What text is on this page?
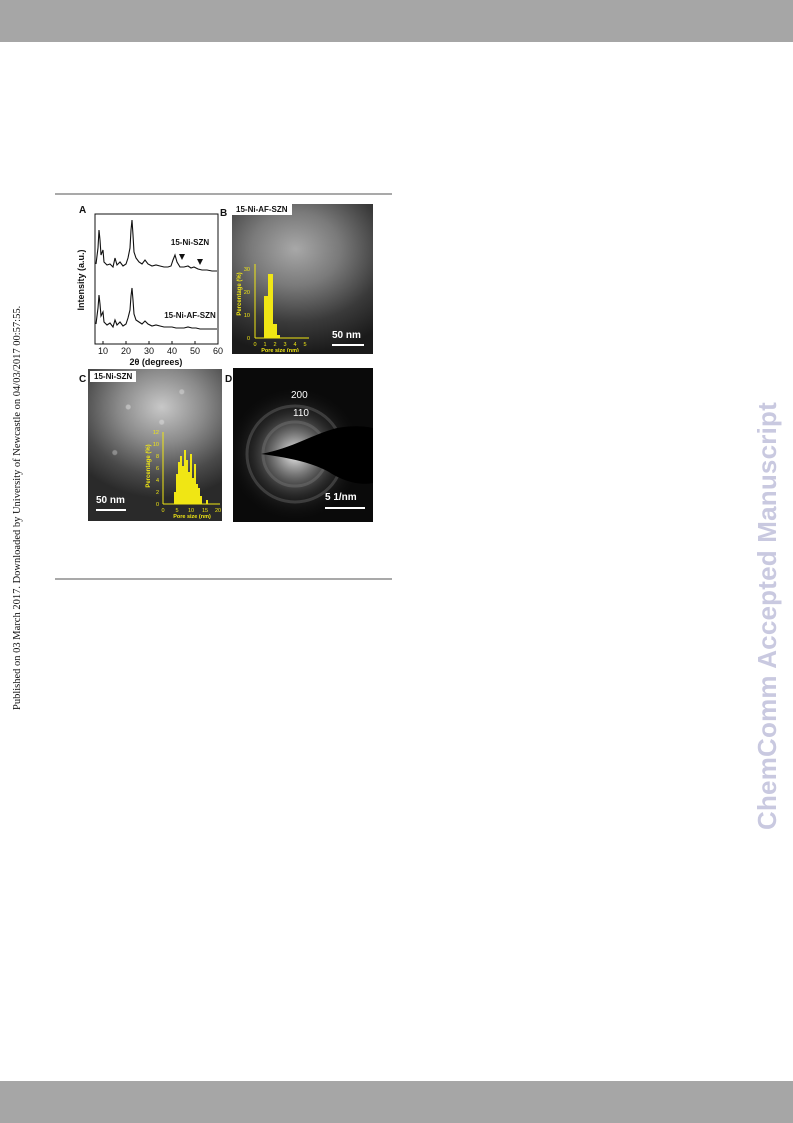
Published on 03 March 2017. Downloaded by University of Newcastle on 04/03/2017 00:57:55.	ChemComm Accepted Manuscript
A
10 20 30 40 50 60
2θ (degrees)
Intensity (a.u.)
15-Ni-SZN
15-Ni-AF-SZN
B	15-Ni-AF-SZN
Percentage (%)
0
10
20
30
0 1 2 3 4 5
Pore size (nm)
50 nm
C 15-Ni-SZN
Percentage (%)
0
2
4
6
8
10
12
0 5 10 15 20
Pore size (nm)
50 nm
D
200
110
5 1/nm
